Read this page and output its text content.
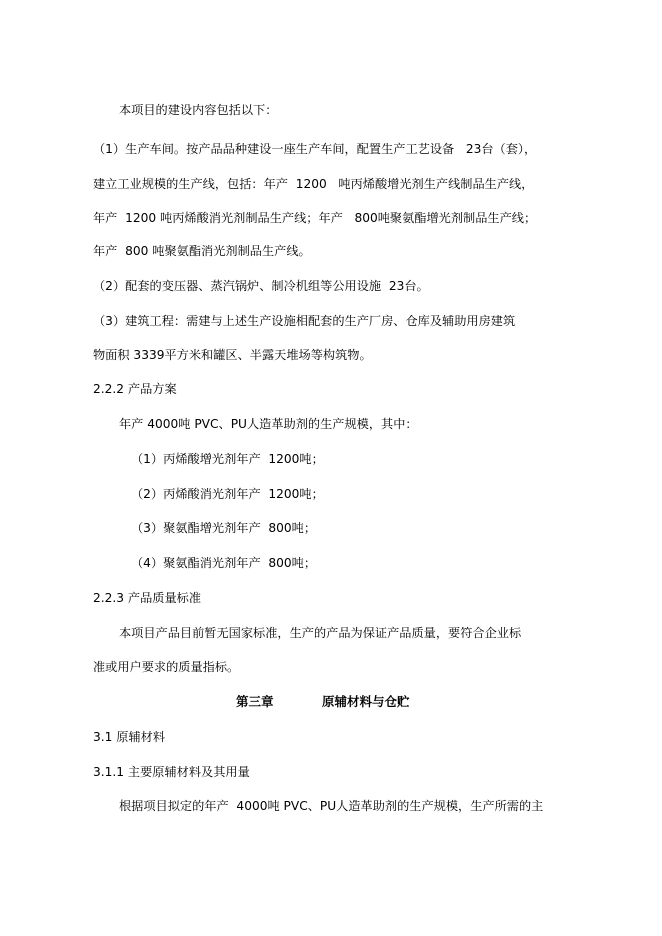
本项目的建设内容包括以下：

（1）生产车间。按产品品种建设一座生产车间，配置生产工艺设备   23台（套），

建立工业规模的生产线，包括：年产  1200   吨丙烯酸增光剂生产线制品生产线，

年产  1200 吨丙烯酸消光剂制品生产线；年产   800吨聚氨酯增光剂制品生产线；

年产  800 吨聚氨酯消光剂制品生产线。

（2）配套的变压器、蒸汽锅炉、制冷机组等公用设施  23台。

（3）建筑工程：需建与上述生产设施相配套的生产厂房、仓库及辅助用房建筑

物面积 3339平方米和罐区、半露天堆场等构筑物。

2.2.2 产品方案

年产 4000吨 PVC、PU人造革助剂的生产规模，其中：

（1）丙烯酸增光剂年产  1200吨；

（2）丙烯酸消光剂年产  1200吨；

（3）聚氨酯增光剂年产  800吨；

（4）聚氨酯消光剂年产  800吨；

2.2.3 产品质量标准

本项目产品目前暂无国家标准，生产的产品为保证产品质量，要符合企业标

准或用户要求的质量指标。

第三章	原辅材料与仓贮

3.1 原辅材料

3.1.1 主要原辅材料及其用量

根据项目拟定的年产  4000吨 PVC、PU人造革助剂的生产规模，生产所需的主
